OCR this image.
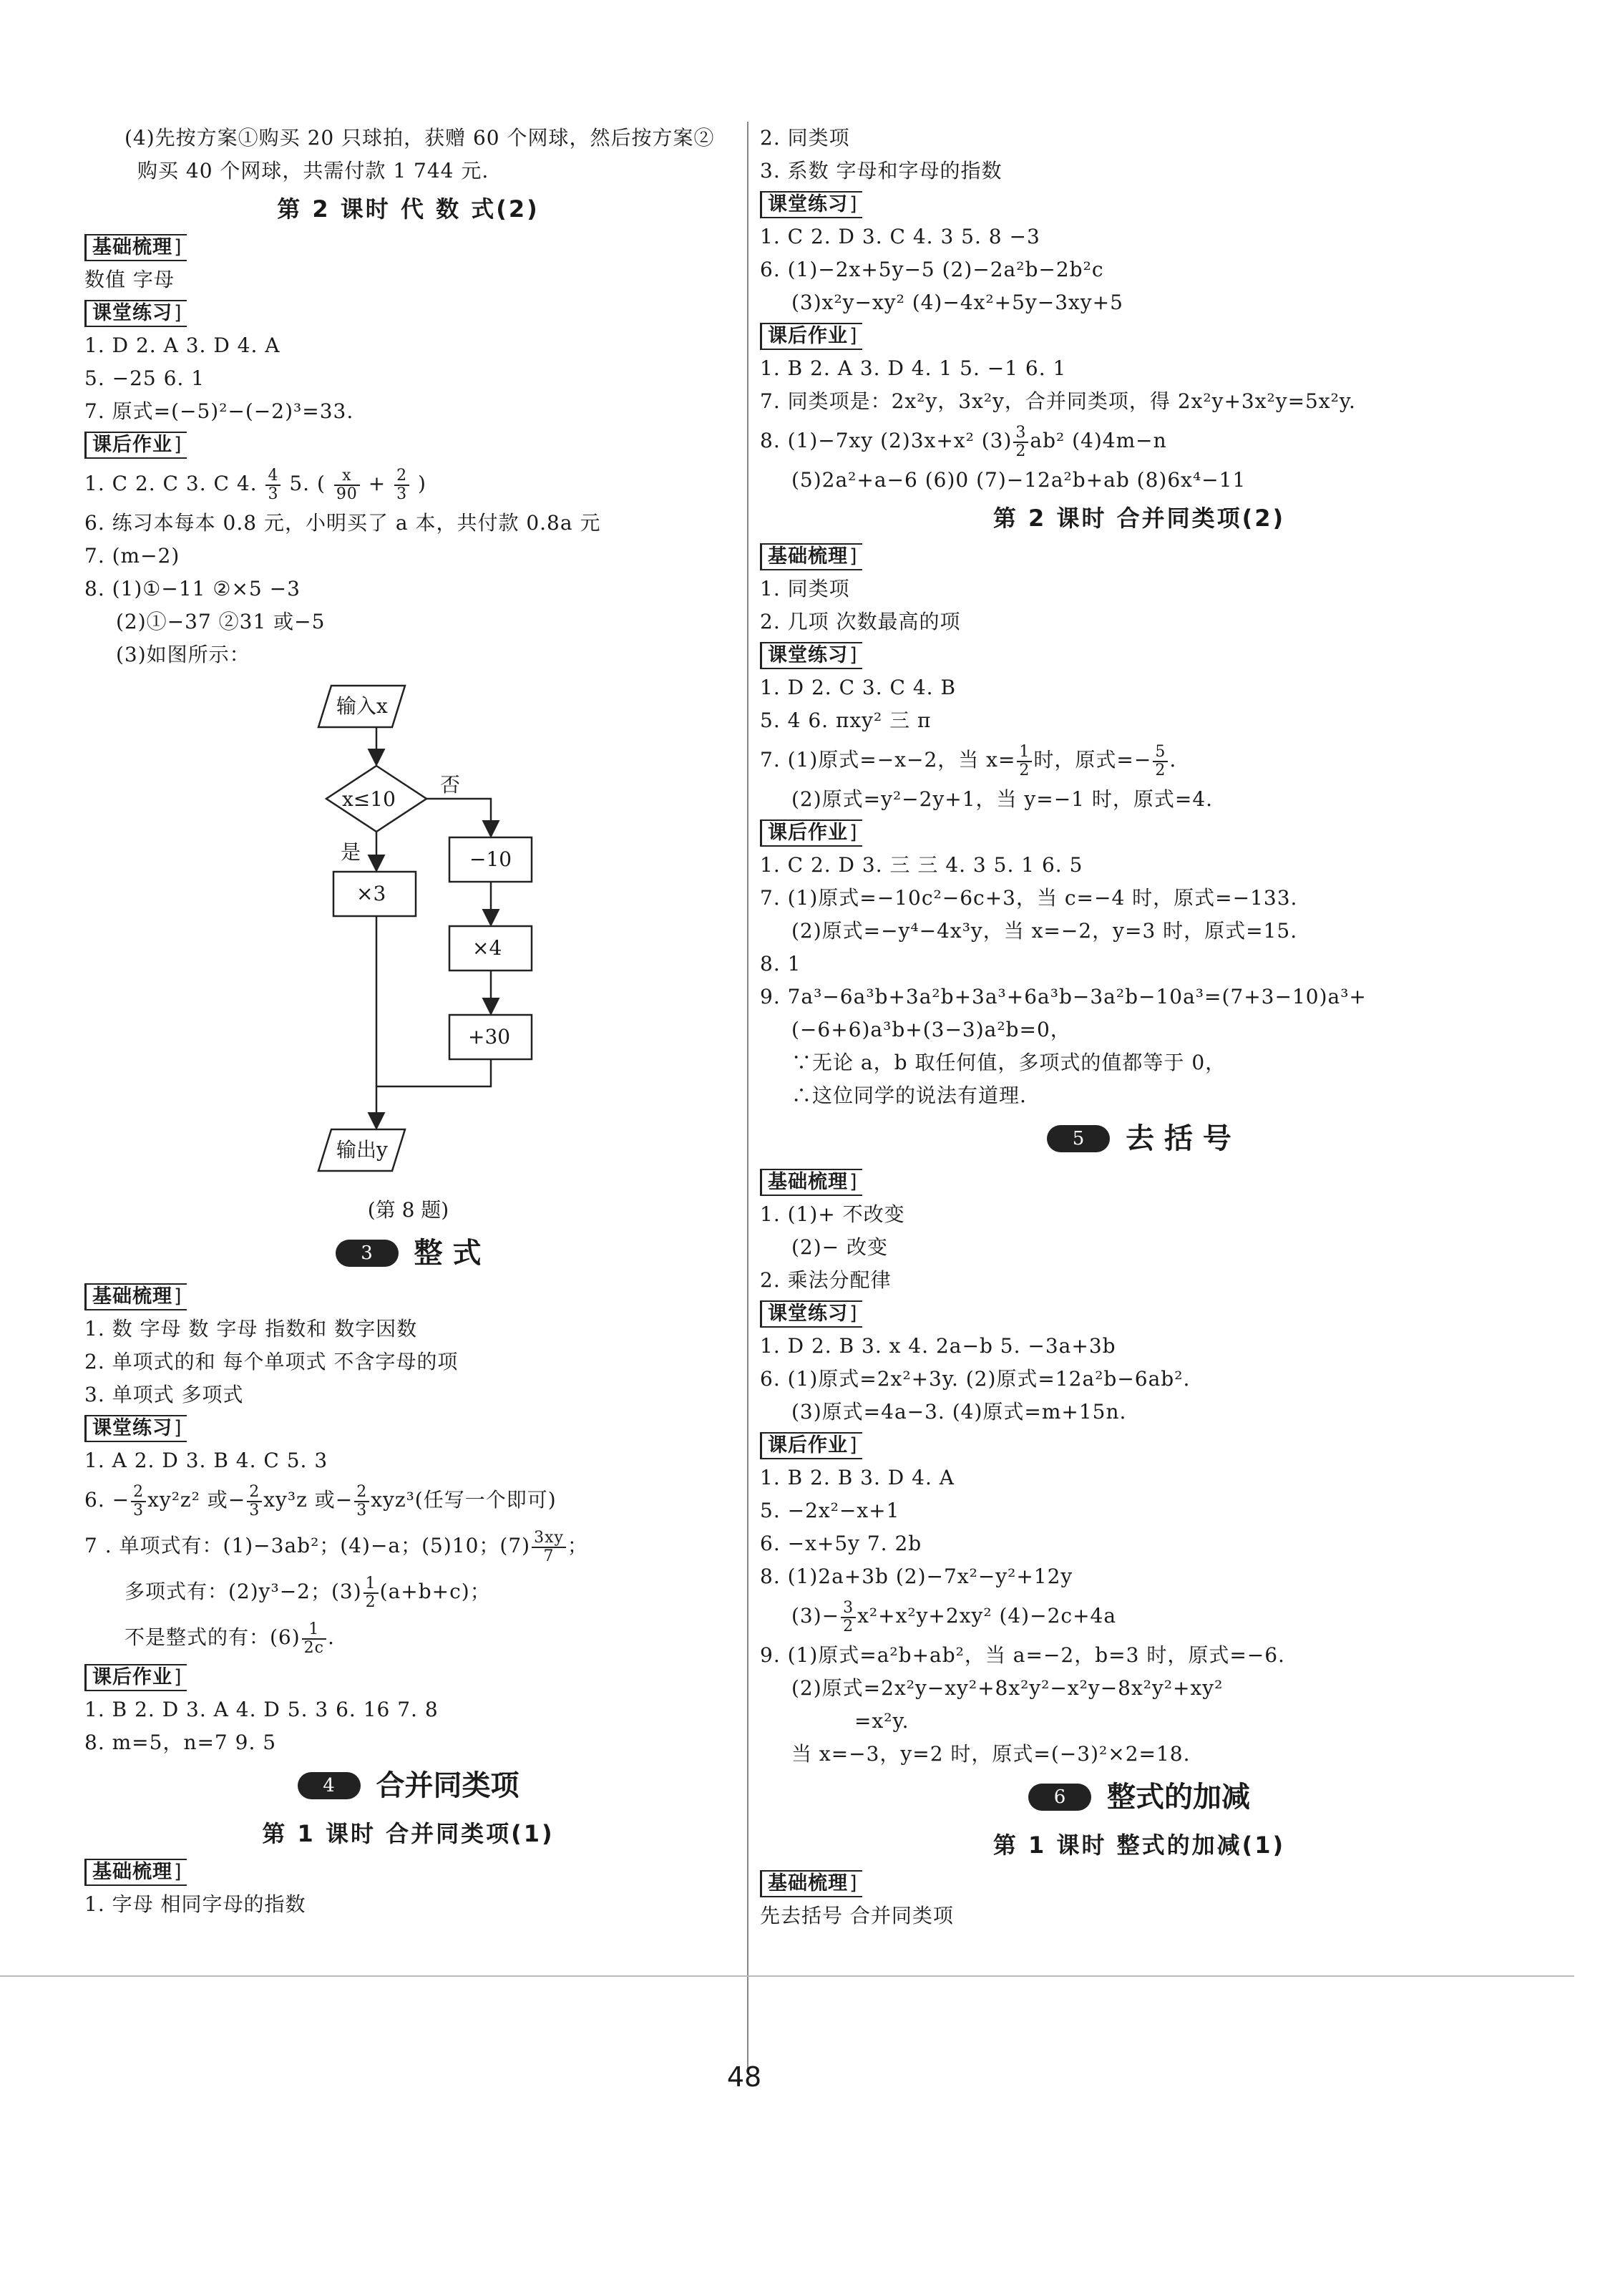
(4)先按方案①购买 20 只球拍，获赠 60 个网球，然后按方案②
购买 40 个网球，共需付款 1 744 元.
第 2 课时 代 数 式(2)
基础梳理 ]
数值 字母
课堂练习 ]
1. D 2. A 3. D 4. A
5. −25 6. 1
7. 原式=(−5)²−(−2)³=33.
课后作业 ]
1. C 2. C 3. C 4. $\frac{4}{3} 5$. ( $\frac{x}{90} + \frac{2}{3}$ )
6. 练习本每本 0.8 元，小明买了 a 本，共付款 0.8a 元
7. (m−2)
8. (1)①−11 ②×5 −3
(2)①−37 ②31 或−5
(3)如图所示：
输入x
x≤10
否
是
×3
−10
×4
+30
输出y
(第 8 题)
3	整 式
基础梳理 ]
1. 数 字母 数 字母 指数和 数字因数
2. 单项式的和 每个单项式 不含字母的项
3. 单项式 多项式
课堂练习 ]
1. A 2. D 3. B 4. C 5. 3
6. − $\frac{2}{3} xy^2z^2$ 或− $\frac{2}{3} xy^3z$ 或− $\frac{2}{3} xyz^3$(任写一个即可)
7 . 单项式有：(1)−3ab²；(4)−a；(5)10；$(7) \frac{3xy}{7}$ ；
多项式有：(2)y³−2；$(3) \frac{1}{2} (a+b+c)$；
不是整式的有：$(6) \frac{1}{2c}$ .
课后作业 ]
1. B 2. D 3. A 4. D 5. 3 6. 16 7. 8
8. m=5，n=7 9. 5
4	合并同类项
第 1 课时 合并同类项(1)
基础梳理 ]
1. 字母 相同字母的指数
2. 同类项
3. 系数 字母和字母的指数
课堂练习 ]
1. C 2. D 3. C 4. 3 5. 8 −3
6. (1)−2x+5y−5 (2)−2a²b−2b²c
(3)x²y−xy² (4)−4x²+5y−3xy+5
课后作业 ]
1. B 2. A 3. D 4. 1 5. −1 6. 1
7. 同类项是：2x²y，3x²y，合并同类项，得 2x²y+3x²y=5x²y.
8. (1)−7xy (2)3x+x² $(3) \frac{3}{2} ab^2$ (4)4m−n
(5)2a²+a−6 (6)0 (7)−12a²b+ab (8)6x⁴−11
第 2 课时 合并同类项(2)
基础梳理 ]
1. 同类项
2. 几项 次数最高的项
课堂练习 ]
1. D 2. C 3. C 4. B
5. 4 6. πxy² 三 π
7. (1)原式=−x−2，当 $x= \frac{1}{2}$ 时，原式=− $\frac{5}{2}$ .
(2)原式=y²−2y+1，当 y=−1 时，原式=4.
课后作业 ]
1. C 2. D 3. 三 三 4. 3 5. 1 6. 5
7. (1)原式=−10c²−6c+3，当 c=−4 时，原式=−133.
(2)原式=−y⁴−4x³y，当 x=−2，y=3 时，原式=15.
8. 1
9. 7a³−6a³b+3a²b+3a³+6a³b−3a²b−10a³=(7+3−10)a³+
(−6+6)a³b+(3−3)a²b=0，
∵无论 a，b 取任何值，多项式的值都等于 0，
∴这位同学的说法有道理.
5	去 括 号
基础梳理 ]
1. (1)+ 不改变
(2)− 改变
2. 乘法分配律
课堂练习 ]
1. D 2. B 3. x 4. 2a−b 5. −3a+3b
6. (1)原式=2x²+3y. (2)原式=12a²b−6ab².
(3)原式=4a−3. (4)原式=m+15n.
课后作业 ]
1. B 2. B 3. D 4. A
5. −2x²−x+1
6. −x+5y 7. 2b
8. (1)2a+3b (2)−7x²−y²+12y
$(3)- \frac{3}{2} x^2+x^2y+2xy^2$ (4)−2c+4a
9. (1)原式=a²b+ab²，当 a=−2，b=3 时，原式=−6.
(2)原式=2x²y−xy²+8x²y²−x²y−8x²y²+xy²
=x²y.
当 x=−3，y=2 时，原式=(−3)²×2=18.
6	整式的加减
第 1 课时 整式的加减(1)
基础梳理 ]
先去括号 合并同类项
48
